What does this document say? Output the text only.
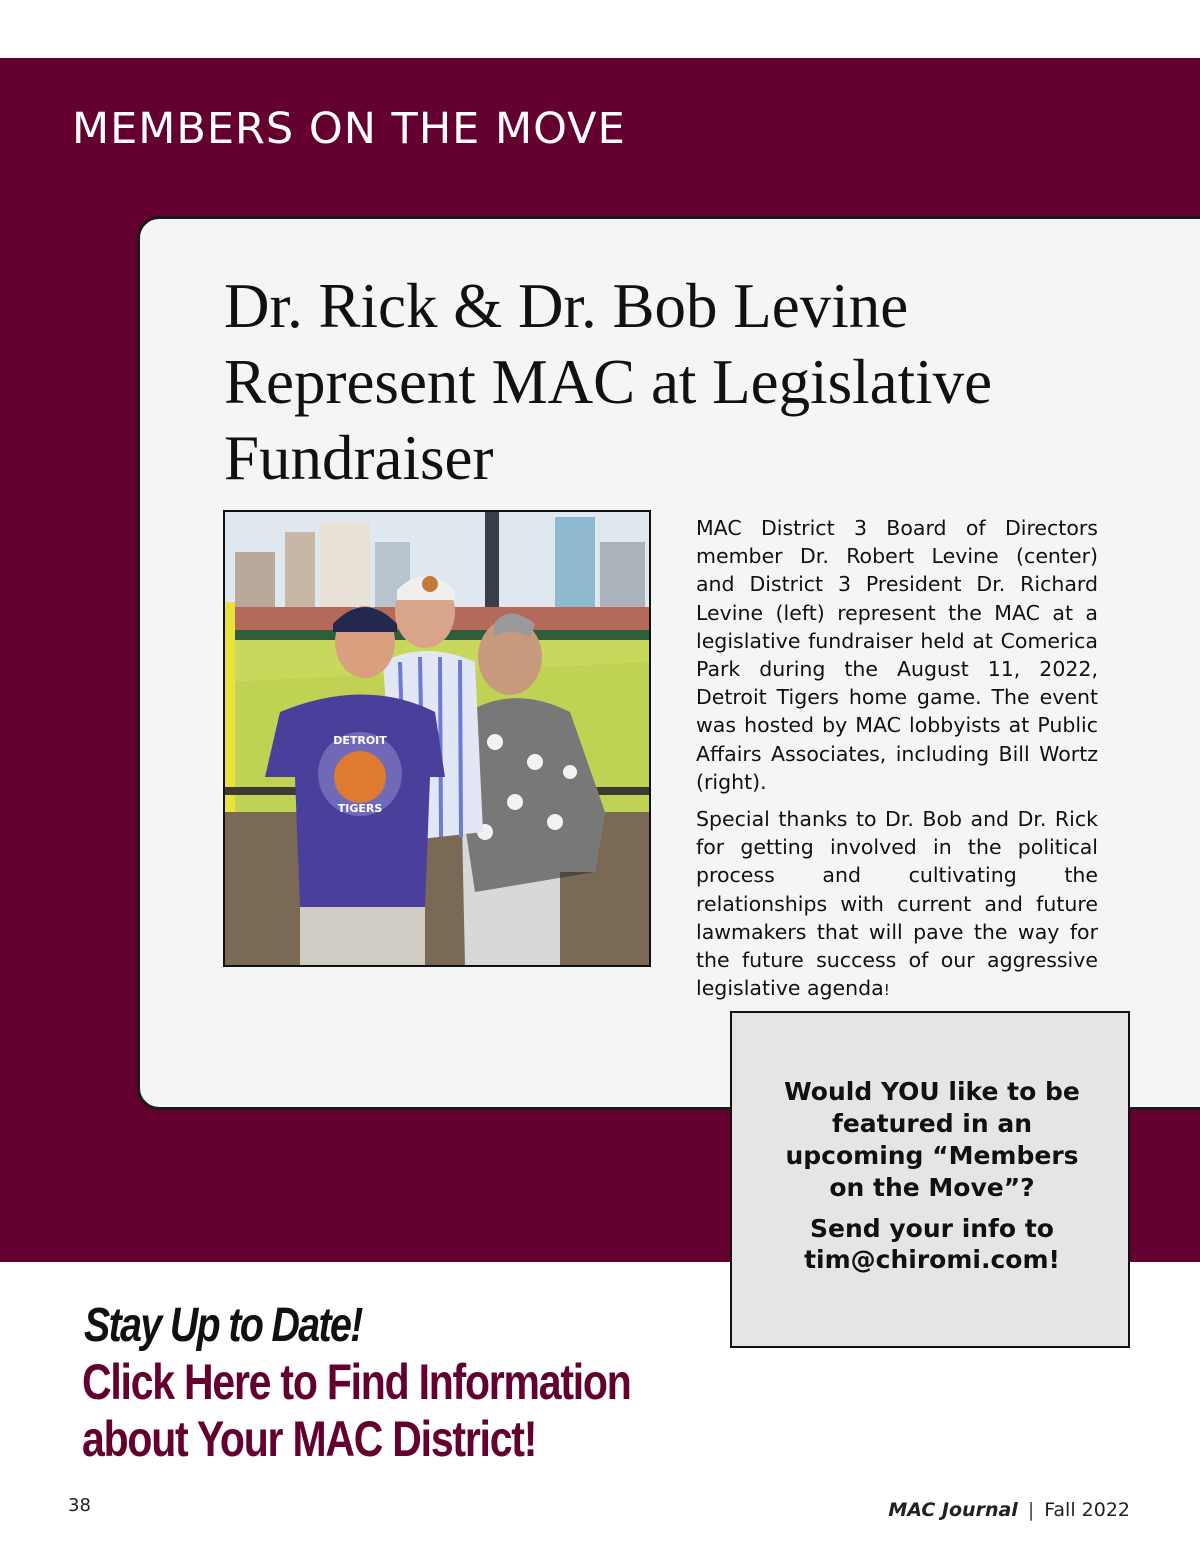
MEMBERS ON THE MOVE
Dr. Rick & Dr. Bob Levine
Represent MAC at Legislative
Fundraiser
DETROIT
TIGERS

MAC District 3 Board of Directors member Dr. Robert Levine (center) and District 3 President Dr. Richard Levine (left) represent the MAC at a legislative fundraiser held at Comerica Park during the August 11, 2022, Detroit Tigers home game. The event was hosted by MAC lobbyists at Public Affairs Associates, including Bill Wortz (right).

Special thanks to Dr. Bob and Dr. Rick for getting involved in the political process and cultivating the relationships with current and future lawmakers that will pave the way for the future success of our aggressive legislative agenda!

Would YOU like to be featured in an upcoming “Members on the Move”?

Send your info to tim@chiromi.com!

Stay Up to Date!

Click Here to Find Information
about Your MAC District!
38	MAC Journal | Fall 2022
